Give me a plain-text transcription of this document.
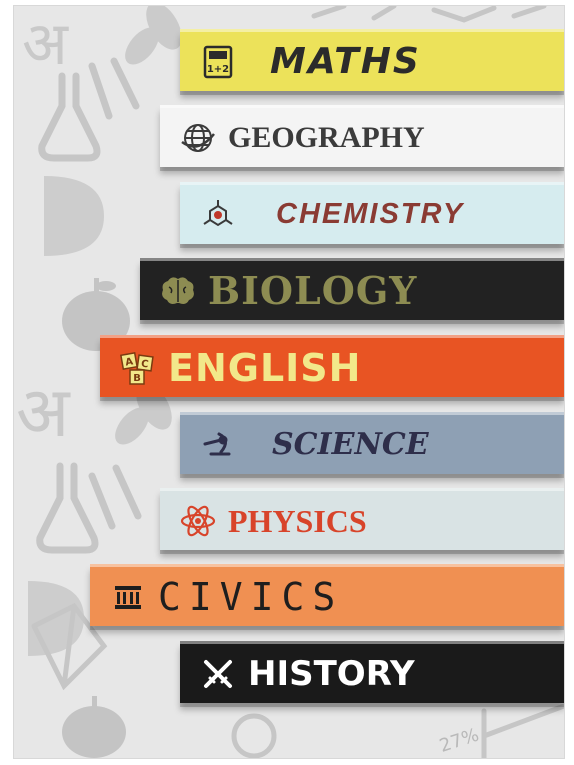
अ
अ
27%
1+2 MATHS
GEOGRAPHY
CHEMISTRY
BIOLOGY
A C
B ENGLISH
SCIENCE
PHYSICS
CIVICS
HISTORY
